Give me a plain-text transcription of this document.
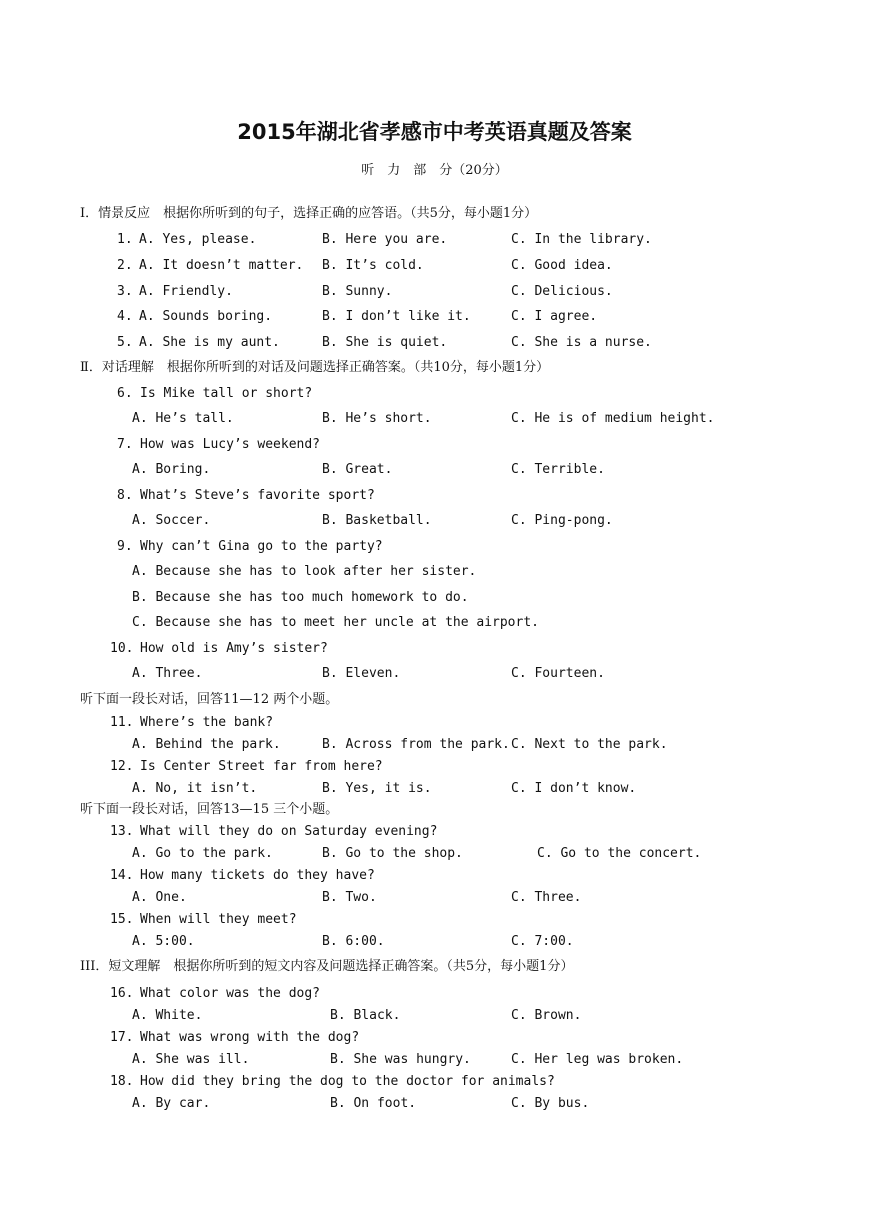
2015年湖北省孝感市中考英语真题及答案
听　力　部　分（20分）
I．情景反应　根据你所听到的句子，选择正确的应答语。（共5分，每小题1分）
1. A. Yes, please.	B. Here you are.	C. In the library.
2. A. It doesn’t matter. B. It’s cold.	C. Good idea.
3. A. Friendly.	B. Sunny.	C. Delicious.
4. A. Sounds boring.	B. I don’t like it.	C. I agree.
5. A. She is my aunt.	B. She is quiet.	C. She is a nurse.
Ⅱ．对话理解　根据你所听到的对话及问题选择正确答案。（共10分，每小题1分）
6. Is Mike tall or short?
A. He’s tall.	B. He’s short.	C. He is of medium height.
7. How was Lucy’s weekend?
A. Boring.	B. Great.	C. Terrible.
8. What’s Steve’s favorite sport?
A. Soccer.	B. Basketball.	C. Ping-pong.
9. Why can’t Gina go to the party?
A. Because she has to look after her sister.
B. Because she has too much homework to do.
C. Because she has to meet her uncle at the airport.
10. How old is Amy’s sister?
A. Three.	B. Eleven.	C. Fourteen.
听下面一段长对话，回答11—12 两个小题。
11. Where’s the bank?
A. Behind the park.	B. Across from the park. C. Next to the park.
12. Is Center Street far from here?
A. No, it isn’t.	B. Yes, it is.	C. I don’t know.
听下面一段长对话，回答13—15 三个小题。
13. What will they do on Saturday evening?
A. Go to the park.	B. Go to the shop.	C. Go to the concert.
14. How many tickets do they have?
A. One.	B. Two.	C. Three.
15. When will they meet?
A. 5:00.	B. 6:00.	C. 7:00.
III．短文理解　根据你所听到的短文内容及问题选择正确答案。（共5分，每小题1分）
16. What color was the dog?
A. White.	B. Black.	C. Brown.
17. What was wrong with the dog?
A. She was ill.	B. She was hungry.	C. Her leg was broken.
18. How did they bring the dog to the doctor for animals?
A. By car.	B. On foot.	C. By bus.
